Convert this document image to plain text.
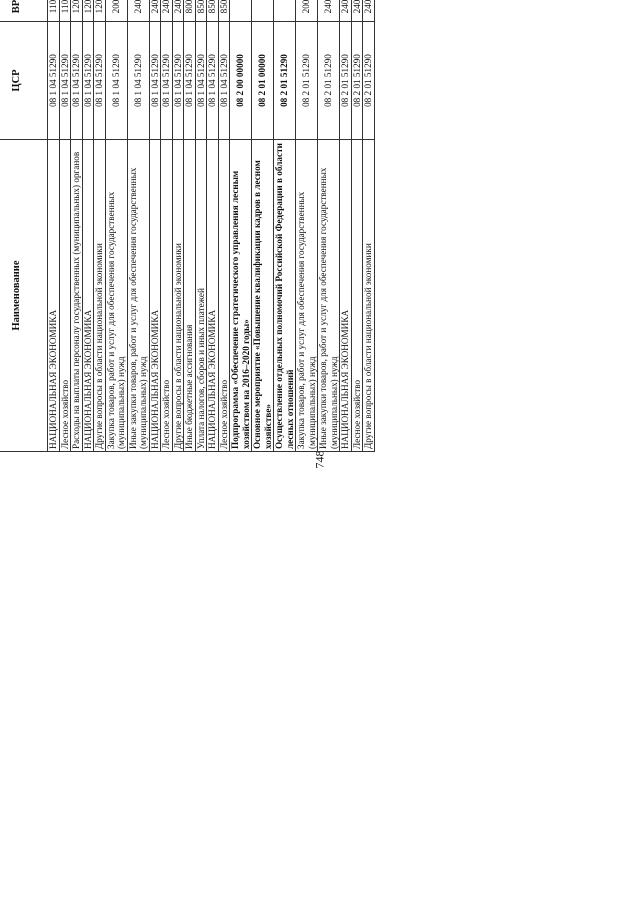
748
Наименование	ЦСР	ВР					
НАЦИОНАЛЬНАЯ ЭКОНОМИКА	08 1 04 51290	110					
Лесное хозяйство	08 1 04 51290	110					
Расходы на выплаты персоналу государственных (муниципальных) органов	08 1 04 51290	120					
НАЦИОНАЛЬНАЯ ЭКОНОМИКА	08 1 04 51290	120					
Другие вопросы в области национальной экономики	08 1 04 51290	120					
Закупка товаров, работ и услуг для обеспечения государственных (муниципальных) нужд	08 1 04 51290	200					
Иные закупки товаров, работ и услуг для обеспечения государственных (муниципальных) нужд	08 1 04 51290	240					
НАЦИОНАЛЬНАЯ ЭКОНОМИКА	08 1 04 51290	240					
Лесное хозяйство	08 1 04 51290	240					
Другие вопросы в области национальной экономики	08 1 04 51290	240					
Иные бюджетные ассигнования	08 1 04 51290	800					
Уплата налогов, сборов и иных платежей	08 1 04 51290	850					
НАЦИОНАЛЬНАЯ ЭКОНОМИКА	08 1 04 51290	850					
Лесное хозяйство	08 1 04 51290	850					
Подпрограмма «Обеспечение стратегического управления лесным хозяйством на 2016–2020 годы»	08 2 00 00000						
Основное мероприятие «Повышение квалификации кадров в лесном хозяйстве»	08 2 01 00000						
Осуществление отдельных полномочий Российской Федерации в области лесных отношений	08 2 01 51290						
Закупка товаров, работ и услуг для обеспечения государственных (муниципальных) нужд	08 2 01 51290	200					
Иные закупки товаров, работ и услуг для обеспечения государственных (муниципальных) нужд	08 2 01 51290	240					
НАЦИОНАЛЬНАЯ ЭКОНОМИКА	08 2 01 51290	240					
Лесное хозяйство	08 2 01 51290	240					
Другие вопросы в области национальной экономики	08 2 01 51290	240					
